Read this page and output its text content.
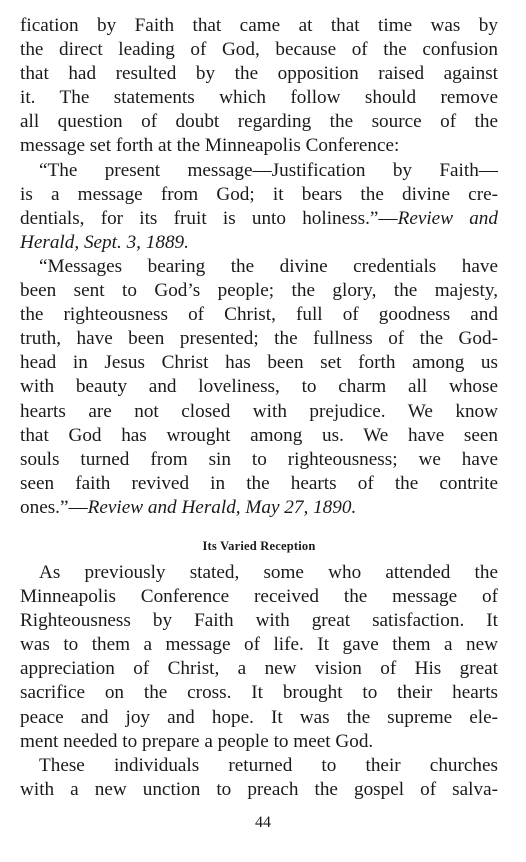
fication by Faith that came at that time was by
the direct leading of God, because of the confusion
that had resulted by the opposition raised against
it. The statements which follow should remove
all question of doubt regarding the source of the
message set forth at the Minneapolis Conference:
“The present message—Justification by Faith—
is a message from God; it bears the divine cre-
dentials, for its fruit is unto holiness.”—Review and
Herald, Sept. 3, 1889.
“Messages bearing the divine credentials have
been sent to God’s people; the glory, the majesty,
the righteousness of Christ, full of goodness and
truth, have been presented; the fullness of the God-
head in Jesus Christ has been set forth among us
with beauty and loveliness, to charm all whose
hearts are not closed with prejudice. We know
that God has wrought among us. We have seen
souls turned from sin to righteousness; we have
seen faith revived in the hearts of the contrite
ones.”—Review and Herald, May 27, 1890.
Its Varied Reception
As previously stated, some who attended the
Minneapolis Conference received the message of
Righteousness by Faith with great satisfaction. It
was to them a message of life. It gave them a new
appreciation of Christ, a new vision of His great
sacrifice on the cross. It brought to their hearts
peace and joy and hope. It was the supreme ele-
ment needed to prepare a people to meet God.
These individuals returned to their churches
with a new unction to preach the gospel of salva-
44
